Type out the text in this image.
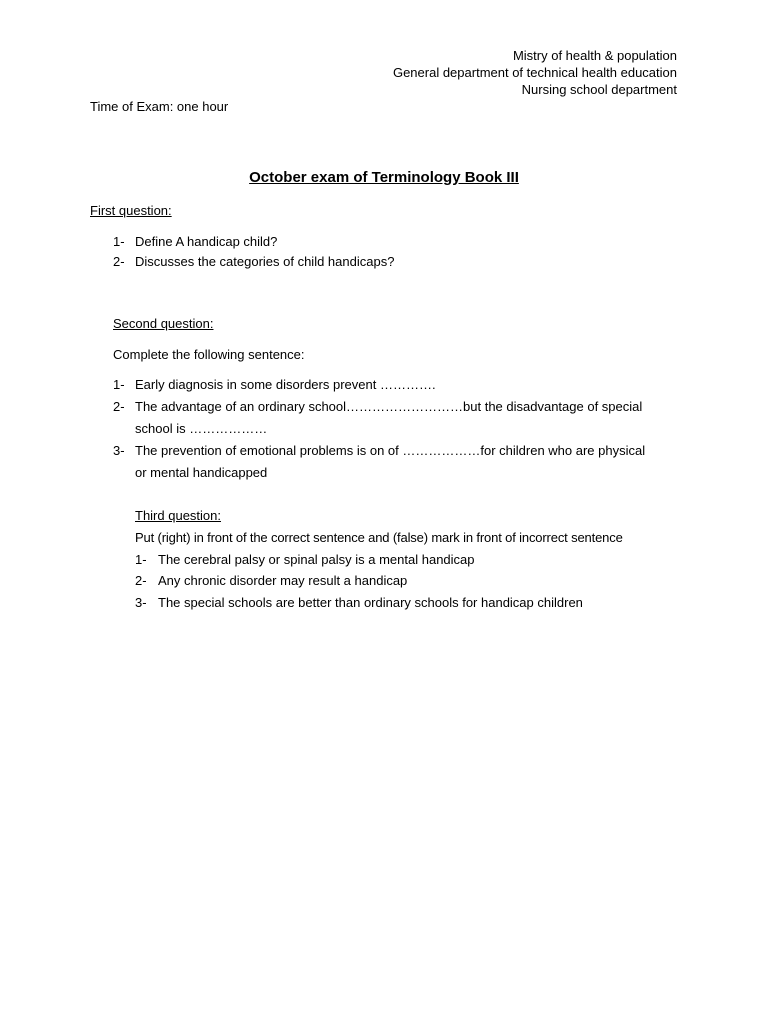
Mistry of health & population
General department of technical health education
Nursing school department
Time of Exam: one hour
October exam of Terminology Book III
First question:
1- Define A handicap child?
2- Discusses the categories of child handicaps?
Second question:
Complete the following sentence:
1- Early diagnosis in some disorders prevent ………….
2- The advantage of an ordinary school………………………but the disadvantage of special
school is ………………
3- The prevention of emotional problems is on of ………………for children who are physical
or mental handicapped
Third question:
Put (right) in front of the correct sentence and (false) mark in front of incorrect sentence
1- The cerebral palsy or spinal palsy is a mental handicap
2- Any chronic disorder may result a handicap
3- The special schools are better than ordinary schools for handicap children
